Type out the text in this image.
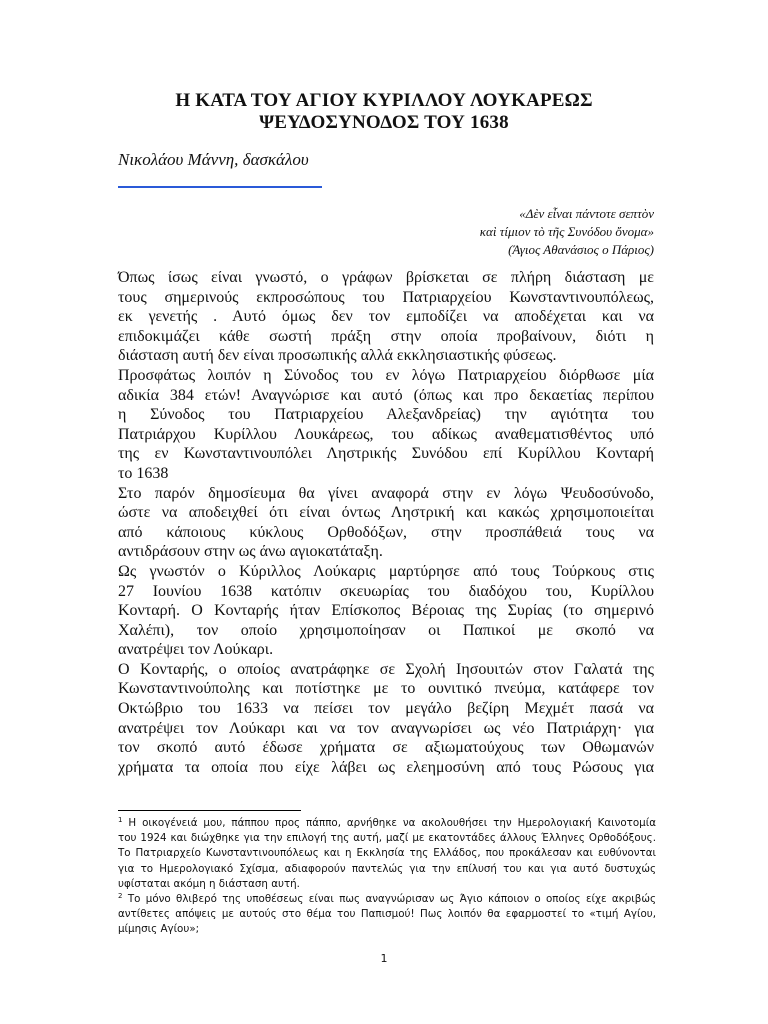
Η ΚΑΤΑ ΤΟΥ ΑΓΙΟΥ ΚΥΡΙΛΛΟΥ ΛΟΥΚΑΡΕΩΣ
ΨΕΥΔΟΣΥΝΟΔΟΣ ΤΟΥ 1638
Νικολάου Μάννη, δασκάλου
«Δὲν εἶναι πάντοτε σεπτὸν
καὶ τίμιον τὸ τῆς Συνόδου ὄνομα»
(Άγιος Αθανάσιος ο Πάριος)
Όπως ίσως είναι γνωστό, ο γράφων βρίσκεται σε πλήρη διάσταση με
τους σημερινούς εκπροσώπους του Πατριαρχείου Κωνσταντινουπόλεως,
εκ γενετής . Αυτό όμως δεν τον εμποδίζει να αποδέχεται και να
επιδοκιμάζει κάθε σωστή πράξη στην οποία προβαίνουν, διότι η
διάσταση αυτή δεν είναι προσωπικής αλλά εκκλησιαστικής φύσεως.
Προσφάτως λοιπόν η Σύνοδος του εν λόγω Πατριαρχείου διόρθωσε μία
αδικία 384 ετών! Αναγνώρισε και αυτό (όπως και προ δεκαετίας περίπου
η Σύνοδος του Πατριαρχείου Αλεξανδρείας) την αγιότητα του
Πατριάρχου Κυρίλλου Λουκάρεως, του αδίκως αναθεματισθέντος υπό
της εν Κωνσταντινουπόλει Ληστρικής Συνόδου επί Κυρίλλου Κονταρή
το 1638
Στο παρόν δημοσίευμα θα γίνει αναφορά στην εν λόγω Ψευδοσύνοδο,
ώστε να αποδειχθεί ότι είναι όντως Ληστρική και κακώς χρησιμοποιείται
από κάποιους κύκλους Ορθοδόξων, στην προσπάθειά τους να
αντιδράσουν στην ως άνω αγιοκατάταξη.
Ως γνωστόν ο Κύριλλος Λούκαρις μαρτύρησε από τους Τούρκους στις
27 Ιουνίου 1638 κατόπιν σκευωρίας του διαδόχου του, Κυρίλλου
Κονταρή. Ο Κονταρής ήταν Επίσκοπος Βέροιας της Συρίας (το σημερινό
Χαλέπι), τον οποίο χρησιμοποίησαν οι Παπικοί με σκοπό να
ανατρέψει τον Λούκαρι.
Ο Κονταρής, ο οποίος ανατράφηκε σε Σχολή Ιησουιτών στον Γαλατά της
Κωνσταντινούπολης και ποτίστηκε με το ουνιτικό πνεύμα, κατάφερε τον
Οκτώβριο του 1633 να πείσει τον μεγάλο βεζίρη Μεχμέτ πασά να
ανατρέψει τον Λούκαρι και να τον αναγνωρίσει ως νέο Πατριάρχη· για
τον σκοπό αυτό έδωσε χρήματα σε αξιωματούχους των Οθωμανών
χρήματα τα οποία που είχε λάβει ως ελεημοσύνη από τους Ρώσους για
$^1$ Η οικογένειά μου, πάππου προς πάππο, αρνήθηκε να ακολουθήσει την Ημερολογιακή Καινοτομία
του 1924 και διώχθηκε για την επιλογή της αυτή, μαζί με εκατοντάδες άλλους Έλληνες Ορθοδόξους.
Το Πατριαρχείο Κωνσταντινουπόλεως και η Εκκλησία της Ελλάδος, που προκάλεσαν και ευθύνονται
για το Ημερολογιακό Σχίσμα, αδιαφορούν παντελώς για την επίλυσή του και για αυτό δυστυχώς
υφίσταται ακόμη η διάσταση αυτή.
$^2$ Το μόνο θλιβερό της υποθέσεως είναι πως αναγνώρισαν ως Άγιο κάποιον ο οποίος είχε ακριβώς
αντίθετες απόψεις με αυτούς στο θέμα του Παπισμού! Πως λοιπόν θα εφαρμοστεί το «τιμή Αγίου,
μίμησις Αγίου»;
1
